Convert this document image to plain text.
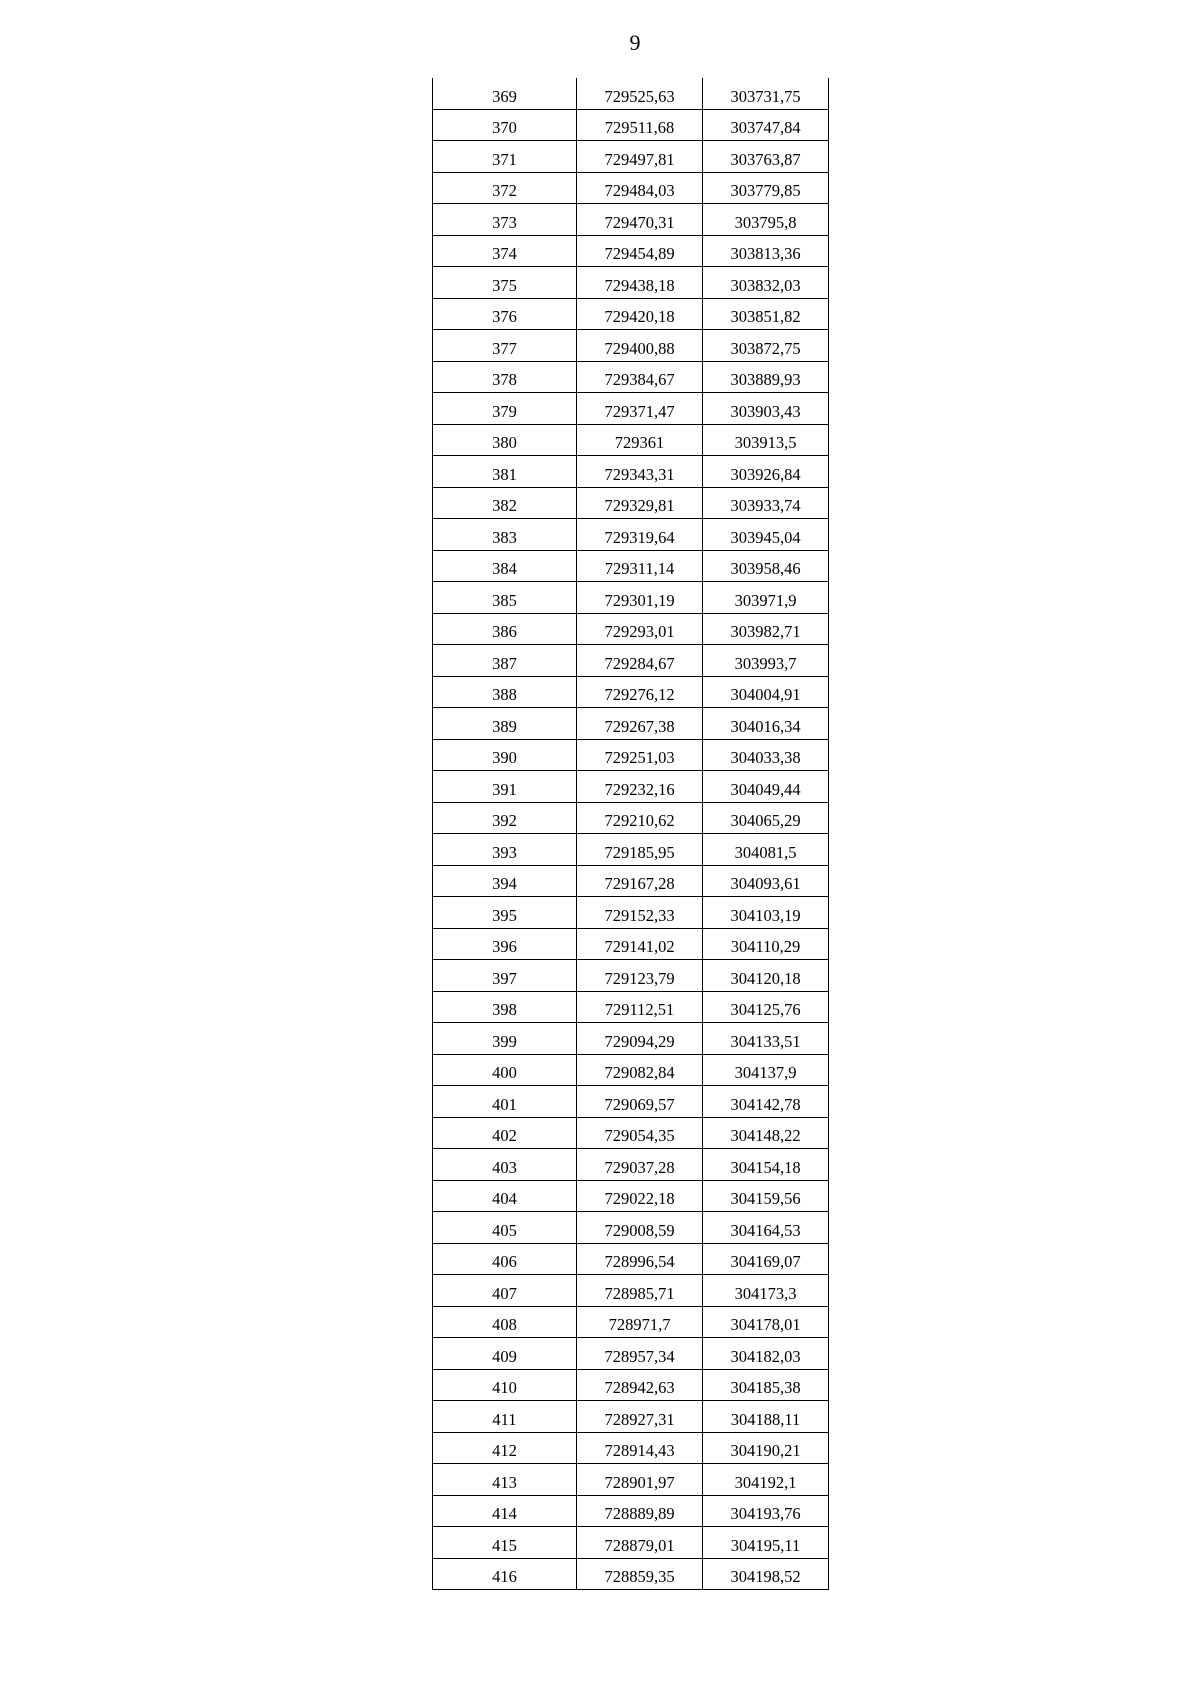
9
369	729525,63	303731,75
370	729511,68	303747,84
371	729497,81	303763,87
372	729484,03	303779,85
373	729470,31	303795,8
374	729454,89	303813,36
375	729438,18	303832,03
376	729420,18	303851,82
377	729400,88	303872,75
378	729384,67	303889,93
379	729371,47	303903,43
380	729361	303913,5
381	729343,31	303926,84
382	729329,81	303933,74
383	729319,64	303945,04
384	729311,14	303958,46
385	729301,19	303971,9
386	729293,01	303982,71
387	729284,67	303993,7
388	729276,12	304004,91
389	729267,38	304016,34
390	729251,03	304033,38
391	729232,16	304049,44
392	729210,62	304065,29
393	729185,95	304081,5
394	729167,28	304093,61
395	729152,33	304103,19
396	729141,02	304110,29
397	729123,79	304120,18
398	729112,51	304125,76
399	729094,29	304133,51
400	729082,84	304137,9
401	729069,57	304142,78
402	729054,35	304148,22
403	729037,28	304154,18
404	729022,18	304159,56
405	729008,59	304164,53
406	728996,54	304169,07
407	728985,71	304173,3
408	728971,7	304178,01
409	728957,34	304182,03
410	728942,63	304185,38
411	728927,31	304188,11
412	728914,43	304190,21
413	728901,97	304192,1
414	728889,89	304193,76
415	728879,01	304195,11
416	728859,35	304198,52
